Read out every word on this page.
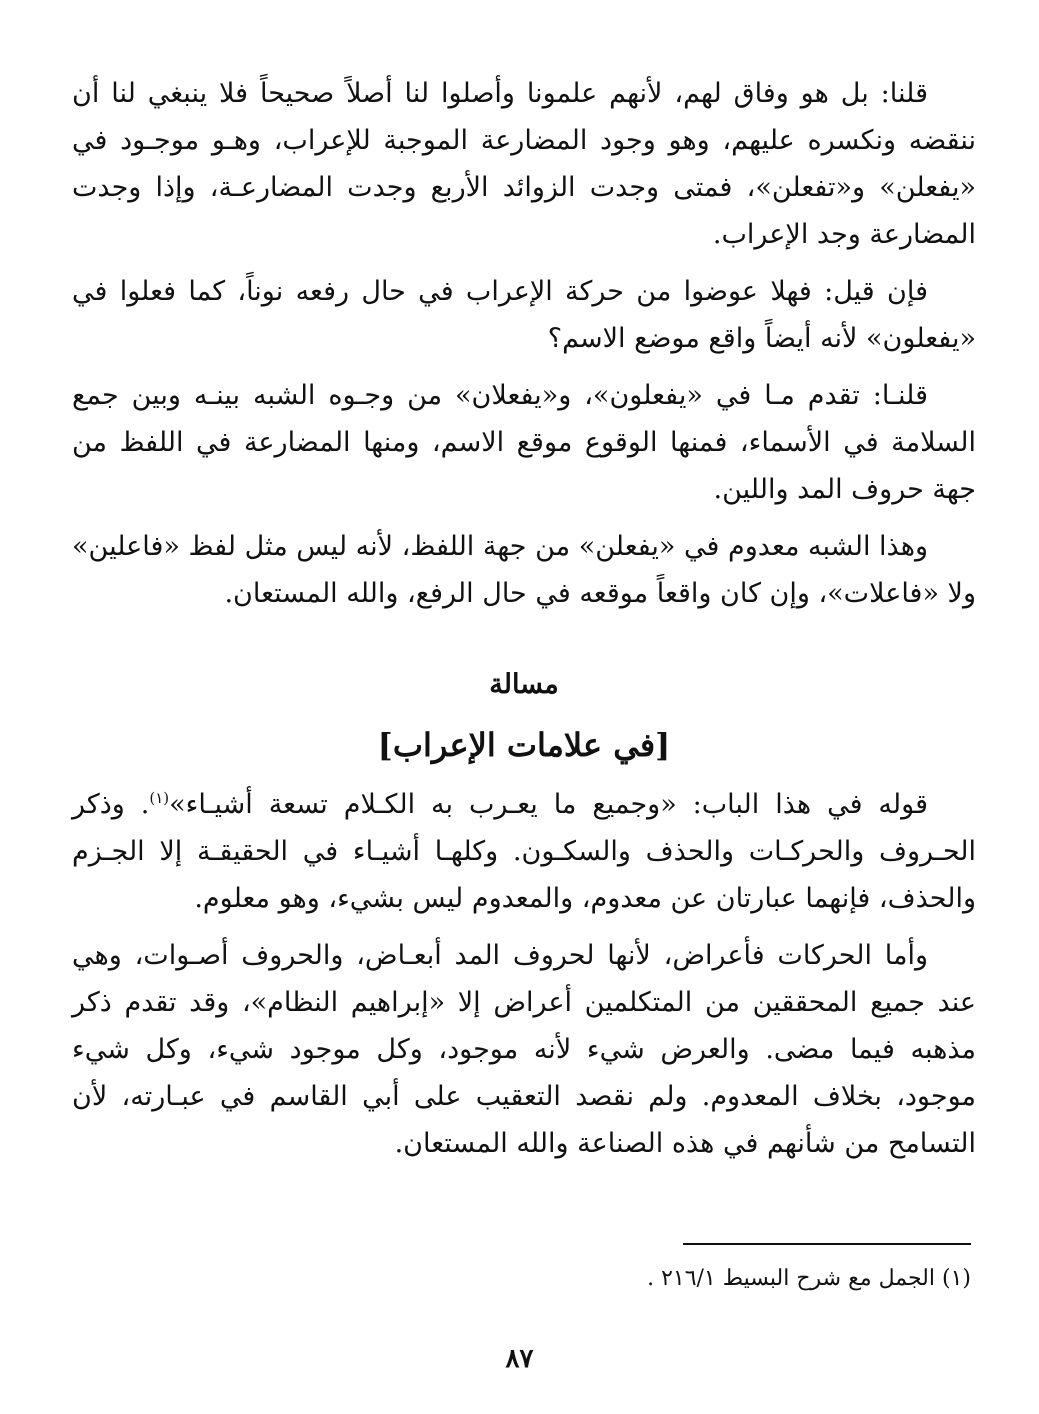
قلنا: بل هو وفاق لهم، لأنهم علمونا وأصلوا لنا أصلاً صحيحاً فلا ينبغي لنا أن ننقضه ونكسره عليهم، وهو وجود المضارعة الموجبة للإعراب، وهـو موجـود في «يفعلن» و«تفعلن»، فمتى وجدت الزوائد الأربع وجدت المضارعـة، وإذا وجدت المضارعة وجد الإعراب.

فإن قيل: فهلا عوضوا من حركة الإعراب في حال رفعه نوناً، كما فعلوا في «يفعلون» لأنه أيضاً واقع موضع الاسم؟

قلنـا: تقدم مـا في «يفعلون»، و«يفعلان» من وجـوه الشبه بينـه وبين جمع السلامة في الأسماء، فمنها الوقوع موقع الاسم، ومنها المضارعة في اللفظ من جهة حروف المد واللين.

وهذا الشبه معدوم في «يفعلن» من جهة اللفظ، لأنه ليس مثل لفظ «فاعلين» ولا «فاعلات»، وإن كان واقعاً موقعه في حال الرفع، والله المستعان.

مسالة
[في علامات الإعراب]

قوله في هذا الباب: «وجميع ما يعـرب به الكـلام تسعة أشيـاء»$^{(١)}$. وذكر الحـروف والحركـات والحذف والسكـون. وكلهـا أشيـاء في الحقيقـة إلا الجـزم والحذف، فإنهما عبارتان عن معدوم، والمعدوم ليس بشيء، وهو معلوم.

وأما الحركات فأعراض، لأنها لحروف المد أبعـاض، والحروف أصـوات، وهي عند جميع المحققين من المتكلمين أعراض إلا «إبراهيم النظام»، وقد تقدم ذكر مذهبه فيما مضى. والعرض شيء لأنه موجود، وكل موجود شيء، وكل شيء موجود، بخلاف المعدوم. ولم نقصد التعقيب على أبي القاسم في عبـارته، لأن التسامح من شأنهم في هذه الصناعة والله المستعان.

(١) الجمل مع شرح البسيط ٢١٦/١ .
٨٧
